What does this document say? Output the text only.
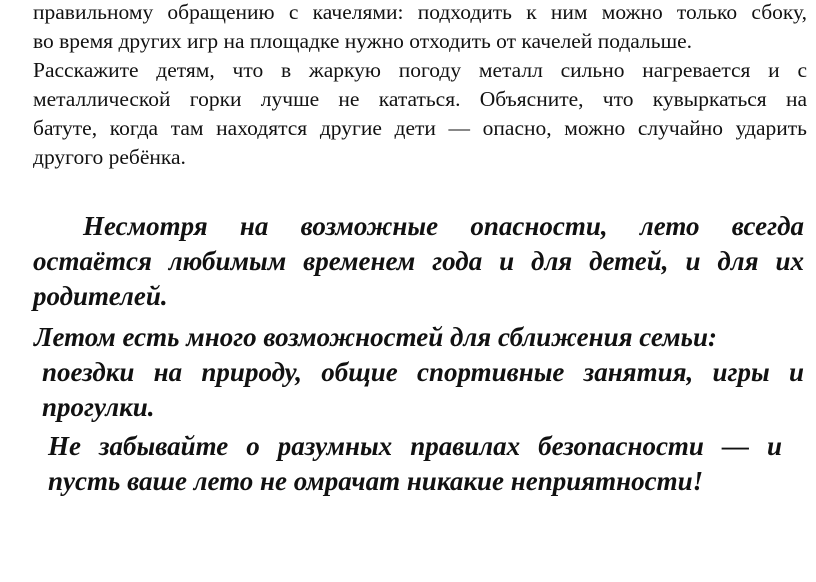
правильному обращению с качелями: подходить к ним можно только сбоку,
во время других игр на площадке нужно отходить от качелей подальше.
Расскажите детям, что в жаркую погоду металл сильно нагревается и с
металлической горки лучше не кататься. Объясните, что кувыркаться на
батуте, когда там находятся другие дети — опасно, можно случайно ударить
другого ребёнка.
Несмотря на возможные опасности, лето всегда
остаётся любимым временем года и для детей, и для их
родителей.
Летом есть много возможностей для сближения семьи:
поездки на природу, общие спортивные занятия, игры и
прогулки.
Не забывайте о разумных правилах безопасности — и
пусть ваше лето не омрачат никакие неприятности!
